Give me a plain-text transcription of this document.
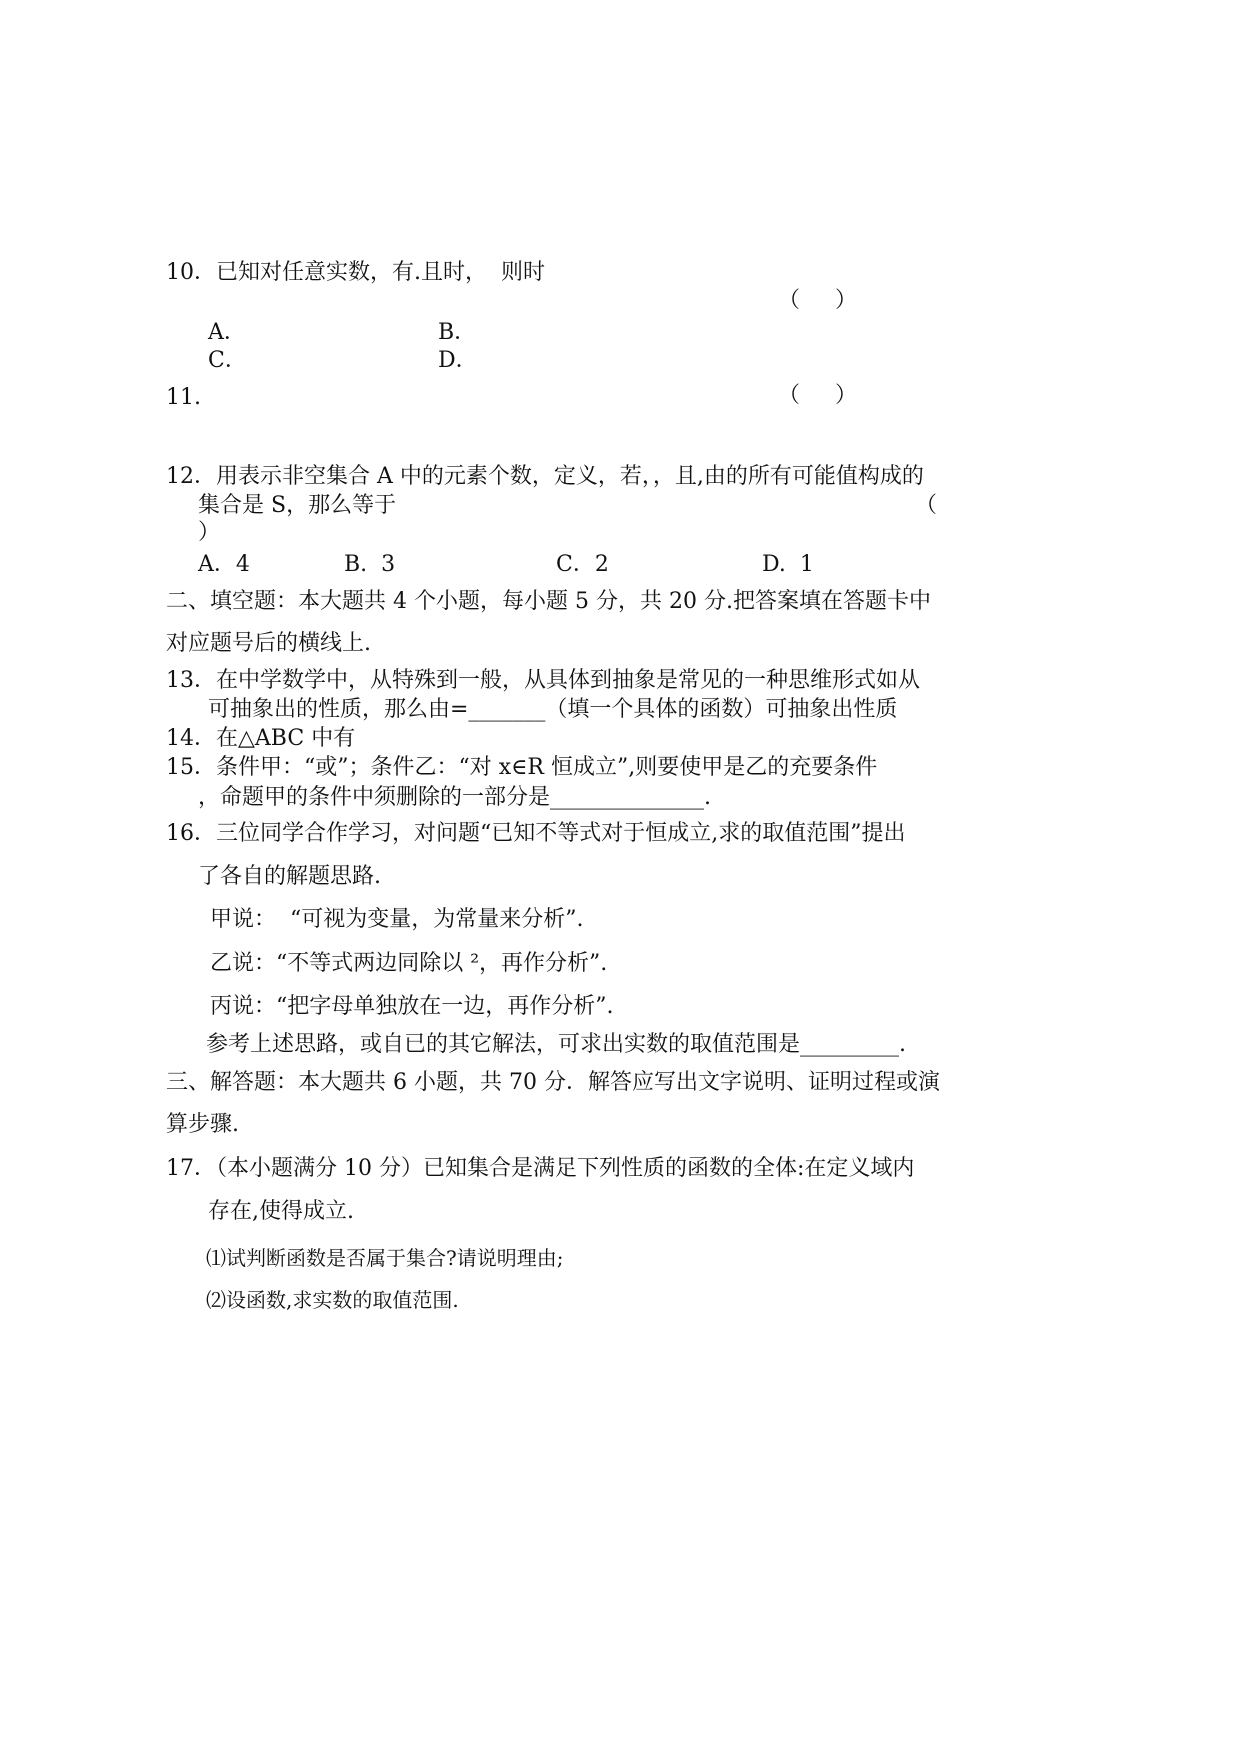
10．已知对任意实数，有.且时，  则时

（     ）

A．	B．

C．	D．

11.	（     ）

12．用表示非空集合 A 中的元素个数，定义，若，，且,由的所有可能值构成的

集合是 S，那么等于	（

）

A．4	B.  3	C．2	D.  1

二、填空题：本大题共 4 个小题，每小题 5 分，共 20 分.把答案填在答题卡中

对应题号后的横线上.

13．在中学数学中，从特殊到一般，从具体到抽象是常见的一种思维形式如从

可抽象出的性质，那么由=_______（填一个具体的函数）可抽象出性质

14．在△ABC 中有

15．条件甲：“或”；条件乙：“对 x∈R 恒成立”,则要使甲是乙的充要条件

，命题甲的条件中须删除的一部分是______________.

16．三位同学合作学习，对问题“已知不等式对于恒成立,求的取值范围”提出

了各自的解题思路.

甲说：  “可视为变量，为常量来分析”.

乙说：“不等式两边同除以 ²，再作分析”.

丙说：“把字母单独放在一边，再作分析”.

参考上述思路，或自已的其它解法，可求出实数的取值范围是_________.

三、解答题：本大题共 6 小题，共 70 分．解答应写出文字说明、证明过程或演

算步骤.

17．（本小题满分 10 分）已知集合是满足下列性质的函数的全体:在定义域内

存在,使得成立.

⑴试判断函数是否属于集合?请说明理由;

⑵设函数,求实数的取值范围.
